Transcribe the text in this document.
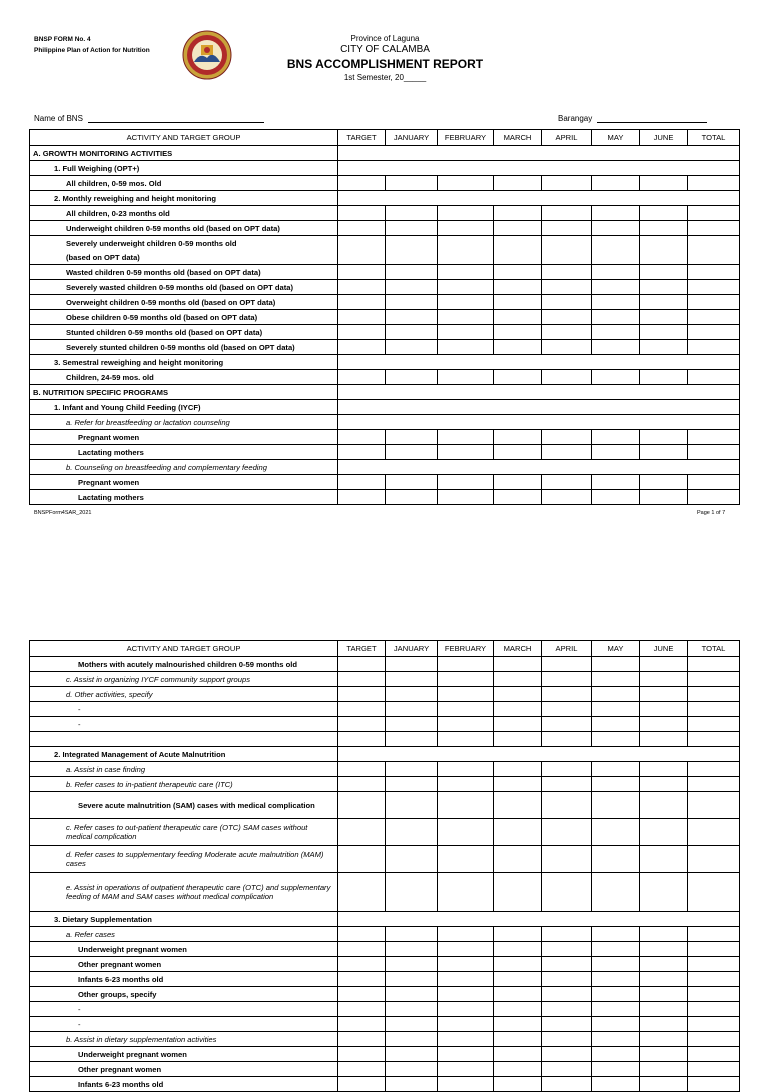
BNSP FORM No. 4
Philippine Plan of Action for Nutrition
Province of Laguna
CITY OF CALAMBA
BNS ACCOMPLISHMENT REPORT
1st Semester, 20_____
Name of BNS	Barangay
ACTIVITY AND TARGET GROUP	TARGET	JANUARY	FEBRUARY	MARCH	APRIL	MAY	JUNE	TOTAL
A. GROWTH MONITORING ACTIVITIES								
1. Full Weighing (OPT+)								
All children, 0-59 mos. Old								
2. Monthly reweighing and height monitoring								
All children, 0-23 months old								
Underweight children 0-59 months old (based on OPT data)								
Severely underweight children 0-59 months old								
(based on OPT data)								
Wasted children 0-59 months old (based on OPT data)								
Severely wasted children 0-59 months old (based on OPT data)								
Overweight children 0-59 months old (based on OPT data)								
Obese children 0-59 months old (based on OPT data)								
Stunted children 0-59 months old (based on OPT data)								
Severely stunted children 0-59 months old (based on OPT data)								
3. Semestral reweighing and height monitoring								
Children, 24-59 mos. old								
B. NUTRITION SPECIFIC PROGRAMS								
1. Infant and Young Child Feeding (IYCF)								
a. Refer for breastfeeding or lactation counseling								
Pregnant women								
Lactating mothers								
b. Counseling on breastfeeding and complementary feeding								
Pregnant women								
Lactating mothers								
BNSPForm4SAR_2021	Page 1 of 7
ACTIVITY AND TARGET GROUP	TARGET	JANUARY	FEBRUARY	MARCH	APRIL	MAY	JUNE	TOTAL
Mothers with acutely malnourished children 0-59 months old								
c. Assist in organizing IYCF community support groups								
d. Other activities, specify								
-								
-								

2. Integrated Management of Acute Malnutrition								
a. Assist in case finding								
b. Refer cases to in-patient therapeutic care (ITC)								
Severe acute malnutrition (SAM) cases with medical complication								
c. Refer cases to out-patient therapeutic care (OTC) SAM cases without medical complication								
d. Refer cases to supplementary feeding Moderate acute malnutrition (MAM) cases								
e. Assist in operations of outpatient therapeutic care (OTC) and supplementary feeding of MAM and SAM cases without medical complication								
3. Dietary Supplementation								
a. Refer cases								
Underweight pregnant women								
Other pregnant women								
Infants 6-23 months old								
Other groups, specify								
-								
-								
b. Assist in dietary supplementation activities								
Underweight pregnant women								
Other pregnant women								
Infants 6-23 months old								
